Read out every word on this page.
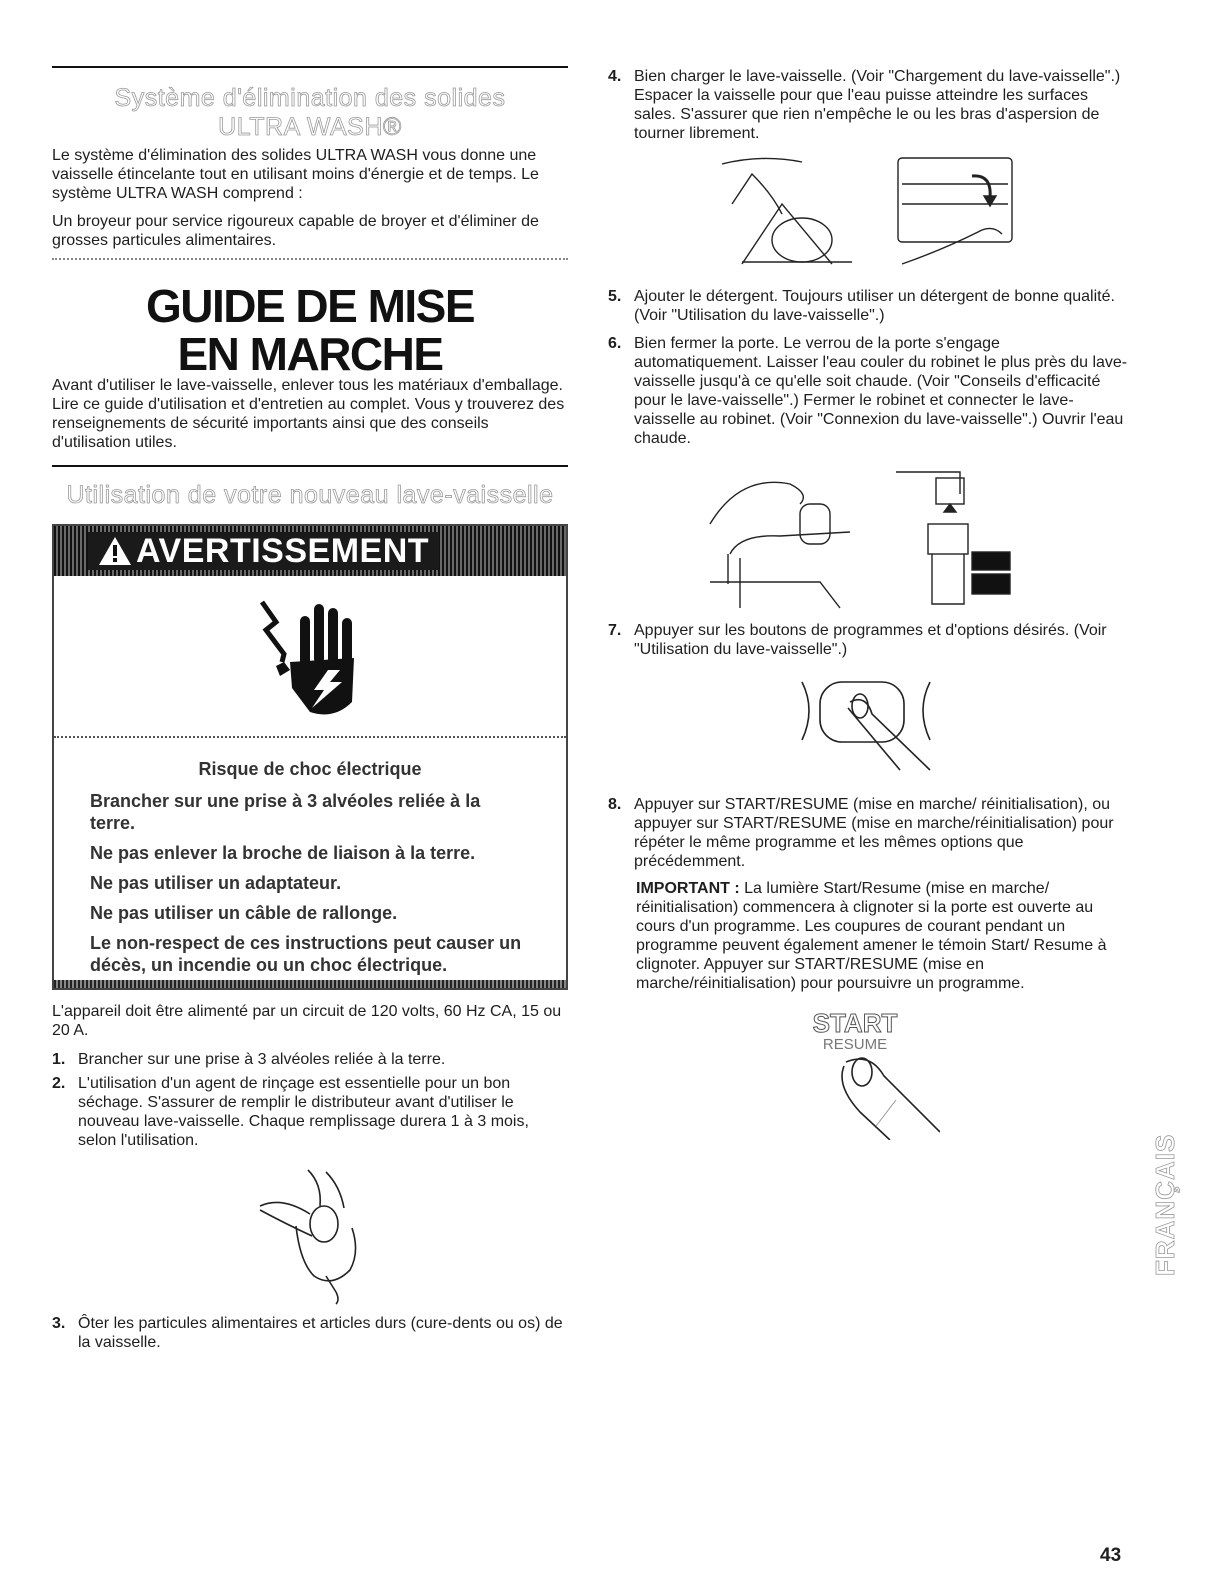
Système d'élimination des solides
ULTRA WASH®

Le système d'élimination des solides ULTRA WASH vous donne une vaisselle étincelante tout en utilisant moins d'énergie et de temps. Le système ULTRA WASH comprend :

Un broyeur pour service rigoureux capable de broyer et d'éliminer de grosses particules alimentaires.

GUIDE DE MISE
EN MARCHE

Avant d'utiliser le lave-vaisselle, enlever tous les matériaux d'emballage. Lire ce guide d'utilisation et d'entretien au complet. Vous y trouverez des renseignements de sécurité importants ainsi que des conseils d'utilisation utiles.

Utilisation de votre nouveau lave-vaisselle
AVERTISSEMENT
Risque de choc électrique
Brancher sur une prise à 3 alvéoles reliée à la terre.
Ne pas enlever la broche de liaison à la terre.
Ne pas utiliser un adaptateur.
Ne pas utiliser un câble de rallonge.
Le non-respect de ces instructions peut causer un décès, un incendie ou un choc électrique.

L'appareil doit être alimenté par un circuit de 120 volts, 60 Hz CA, 15 ou 20 A.

1. Brancher sur une prise à 3 alvéoles reliée à la terre.
2. L'utilisation d'un agent de rinçage est essentielle pour un bon séchage. S'assurer de remplir le distributeur avant d'utiliser le nouveau lave-vaisselle. Chaque remplissage durera 1 à 3 mois, selon l'utilisation.
3. Ôter les particules alimentaires et articles durs (cure-dents ou os) de la vaisselle.
4. Bien charger le lave-vaisselle. (Voir "Chargement du lave-vaisselle".) Espacer la vaisselle pour que l'eau puisse atteindre les surfaces sales. S'assurer que rien n'empêche le ou les bras d'aspersion de tourner librement.
5. Ajouter le détergent. Toujours utiliser un détergent de bonne qualité. (Voir "Utilisation du lave-vaisselle".)
6. Bien fermer la porte. Le verrou de la porte s'engage automatiquement. Laisser l'eau couler du robinet le plus près du lave-vaisselle jusqu'à ce qu'elle soit chaude. (Voir "Conseils d'efficacité pour le lave-vaisselle".) Fermer le robinet et connecter le lave-vaisselle au robinet. (Voir "Connexion du lave-vaisselle".) Ouvrir l'eau chaude.
7. Appuyer sur les boutons de programmes et d'options désirés. (Voir "Utilisation du lave-vaisselle".)
8. Appuyer sur START/RESUME (mise en marche/ réinitialisation), ou appuyer sur START/RESUME (mise en marche/réinitialisation) pour répéter le même programme et les mêmes options que précédemment.

IMPORTANT : La lumière Start/Resume (mise en marche/ réinitialisation) commencera à clignoter si la porte est ouverte au cours d'un programme. Les coupures de courant pendant un programme peuvent également amener le témoin Start/ Resume à clignoter. Appuyer sur START/RESUME (mise en marche/réinitialisation) pour poursuivre un programme.

START
RESUME
FRANÇAIS
43
